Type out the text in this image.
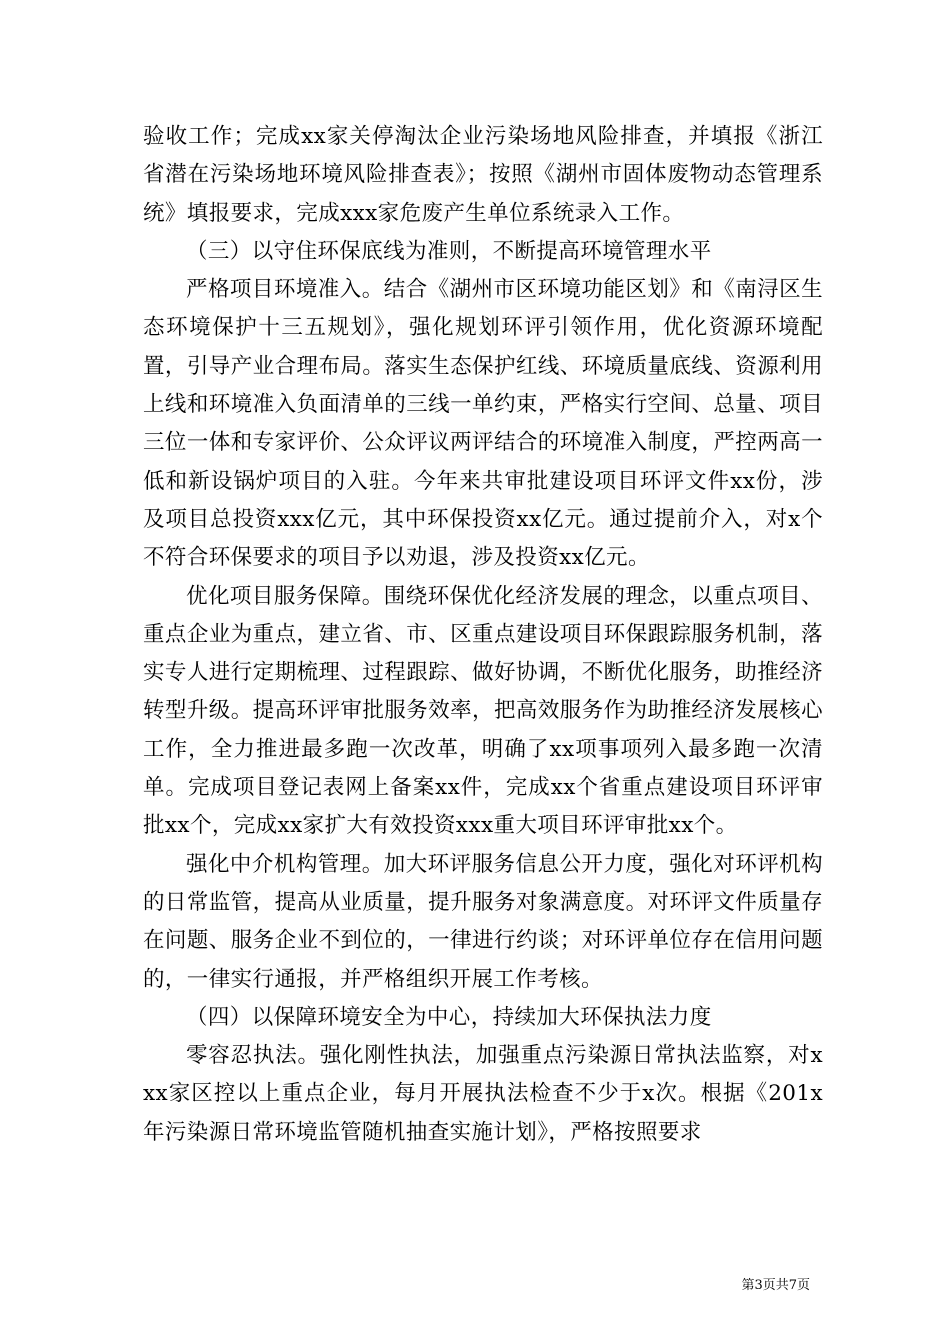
验收工作；完成xx家关停淘汰企业污染场地风险排查，并填报《浙江省潜在污染场地环境风险排查表》；按照《湖州市固体废物动态管理系统》填报要求，完成xxx家危废产生单位系统录入工作。

（三）以守住环保底线为准则，不断提高环境管理水平

严格项目环境准入。结合《湖州市区环境功能区划》和《南浔区生态环境保护十三五规划》，强化规划环评引领作用，优化资源环境配置，引导产业合理布局。落实生态保护红线、环境质量底线、资源利用上线和环境准入负面清单的三线一单约束，严格实行空间、总量、项目三位一体和专家评价、公众评议两评结合的环境准入制度，严控两高一低和新设锅炉项目的入驻。今年来共审批建设项目环评文件xx份，涉及项目总投资xxx亿元，其中环保投资xx亿元。通过提前介入，对x个不符合环保要求的项目予以劝退，涉及投资xx亿元。

优化项目服务保障。围绕环保优化经济发展的理念，以重点项目、重点企业为重点，建立省、市、区重点建设项目环保跟踪服务机制，落实专人进行定期梳理、过程跟踪、做好协调，不断优化服务，助推经济转型升级。提高环评审批服务效率，把高效服务作为助推经济发展核心工作，全力推进最多跑一次改革，明确了xx项事项列入最多跑一次清单。完成项目登记表网上备案xx件，完成xx个省重点建设项目环评审批xx个，完成xx家扩大有效投资xxx重大项目环评审批xx个。

强化中介机构管理。加大环评服务信息公开力度，强化对环评机构的日常监管，提高从业质量，提升服务对象满意度。对环评文件质量存在问题、服务企业不到位的，一律进行约谈；对环评单位存在信用问题的，一律实行通报，并严格组织开展工作考核。

（四）以保障环境安全为中心，持续加大环保执法力度

零容忍执法。强化刚性执法，加强重点污染源日常执法监察，对xxx家区控以上重点企业，每月开展执法检查不少于x次。根据《201x年污染源日常环境监管随机抽查实施计划》，严格按照要求

第3页共7页
